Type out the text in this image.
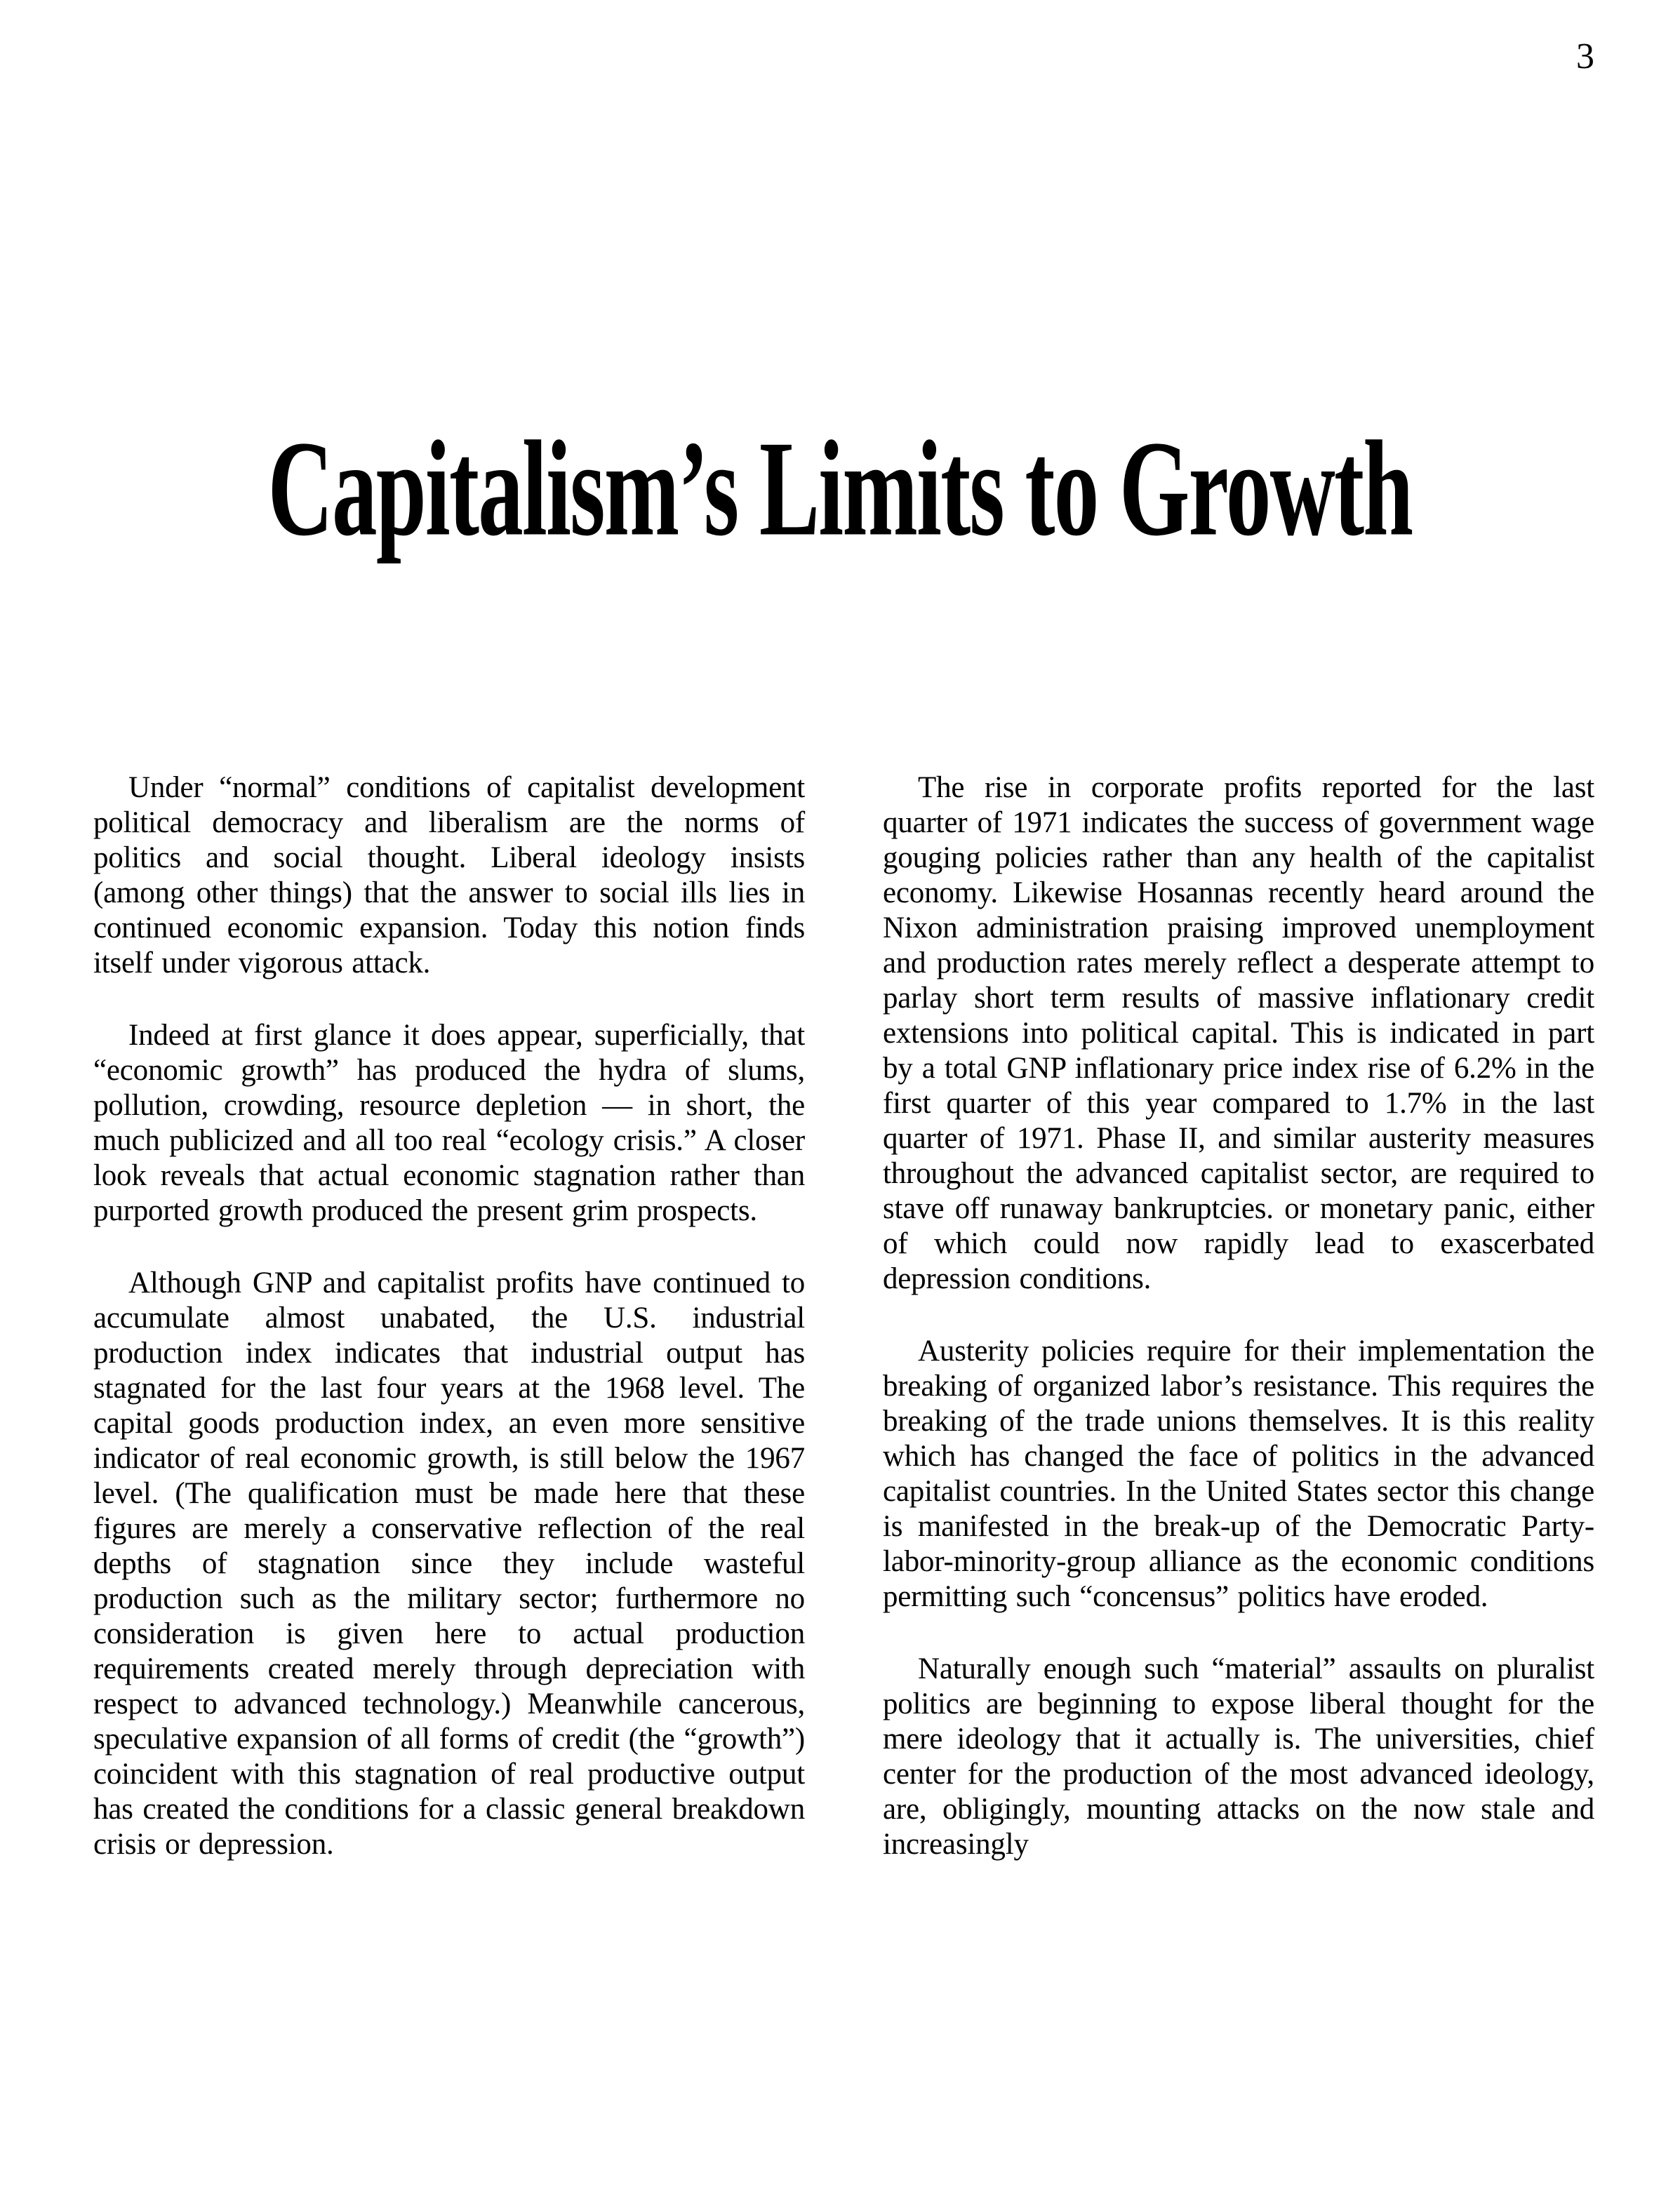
3
Capitalism’s Limits to Growth

Under “normal” conditions of capitalist development political democracy and liberalism are the norms of politics and social thought. Liberal ideology insists (among other things) that the answer to social ills lies in continued economic expansion. Today this notion finds itself under vigorous attack.

Indeed at first glance it does appear, superficially, that “economic growth” has produced the hydra of slums, pollution, crowding, resource depletion — in short, the much publicized and all too real “ecology crisis.” A closer look reveals that actual economic stagnation rather than purported growth produced the present grim prospects.

Although GNP and capitalist profits have continued to accumulate almost unabated, the U.S. industrial production index indicates that industrial output has stagnated for the last four years at the 1968 level. The capital goods production index, an even more sensitive indicator of real economic growth, is still below the 1967 level. (The qualification must be made here that these figures are merely a conservative reflection of the real depths of stagnation since they include wasteful production such as the military sector; furthermore no consideration is given here to actual production requirements created merely through depreciation with respect to advanced technology.) Meanwhile cancerous, speculative expansion of all forms of credit (the “growth”) coincident with this stagnation of real productive output has created the conditions for a classic general breakdown crisis or depression.

The rise in corporate profits reported for the last quarter of 1971 indicates the success of government wage gouging policies rather than any health of the capitalist economy. Likewise Hosannas recently heard around the Nixon administration praising improved unemployment and production rates merely reflect a desperate attempt to parlay short term results of massive inflationary credit extensions into political capital. This is indicated in part by a total GNP inflationary price index rise of 6.2% in the first quarter of this year compared to 1.7% in the last quarter of 1971. Phase II, and similar austerity measures throughout the advanced capitalist sector, are required to stave off runaway bankruptcies. or monetary panic, either of which could now rapidly lead to exascerbated depression conditions.

Austerity policies require for their implementation the breaking of organized labor’s resistance. This requires the breaking of the trade unions themselves. It is this reality which has changed the face of politics in the advanced capitalist countries. In the United States sector this change is manifested in the break-up of the Democratic Party-labor-minority-group alliance as the economic conditions permitting such “concensus” politics have eroded.

Naturally enough such “material” assaults on pluralist politics are beginning to expose liberal thought for the mere ideology that it actually is. The universities, chief center for the production of the most advanced ideology, are, obligingly, mounting attacks on the now stale and increasingly
